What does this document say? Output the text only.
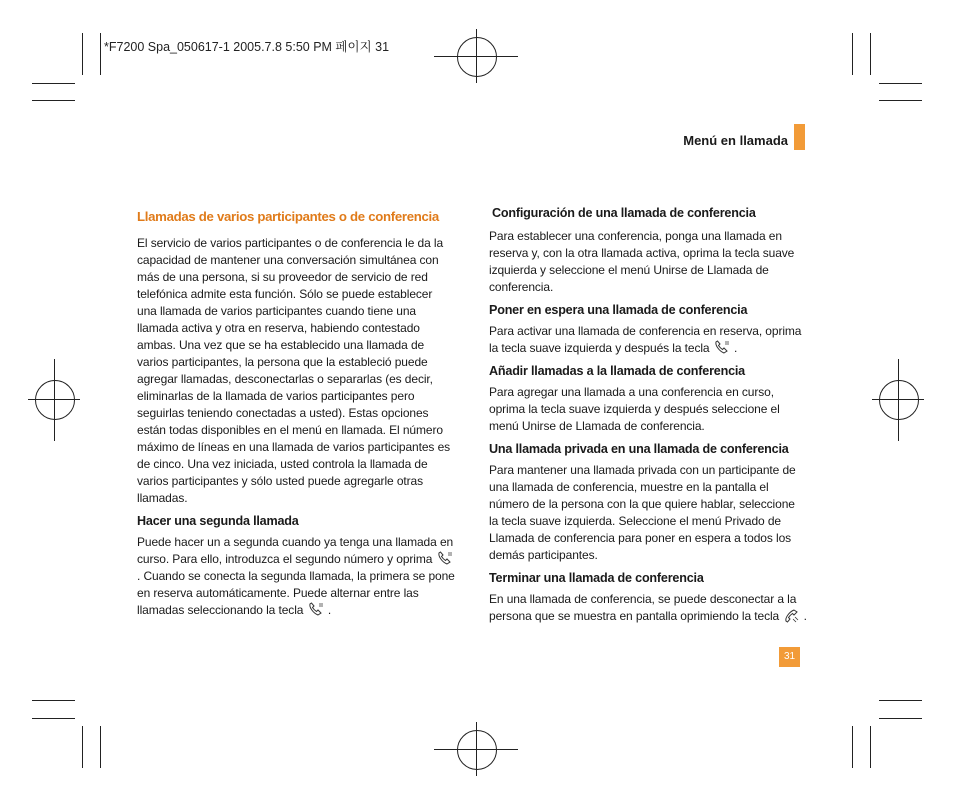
*F7200 Spa_050617-1 2005.7.8 5:50 PM 페이지 31
Menú en llamada
Llamadas de varios participantes o de conferencia
El servicio de varios participantes o de conferencia le da la capacidad de mantener una conversación simultánea con más de una persona, si su proveedor de servicio de red telefónica admite esta función. Sólo se puede establecer una llamada de varios participantes cuando tiene una llamada activa y otra en reserva, habiendo contestado ambas. Una vez que se ha establecido una llamada de varios participantes, la persona que la estableció puede agregar llamadas, desconectarlas o separarlas (es decir, eliminarlas de la llamada de varios participantes pero seguirlas teniendo conectadas a usted). Estas opciones están todas disponibles en el menú en llamada. El número máximo de líneas en una llamada de varios participantes es de cinco. Una vez iniciada, usted controla la llamada de varios participantes y sólo usted puede agregarle otras llamadas.
Hacer una segunda llamada
Puede hacer un a segunda cuando ya tenga una llamada en curso. Para ello, introduzca el segundo número y oprima  . Cuando se conecta la segunda llamada, la primera se pone en reserva automáticamente. Puede alternar entre las llamadas seleccionando la tecla .
Configuración de una llamada de conferencia
Para establecer una conferencia, ponga una llamada en reserva y, con la otra llamada activa, oprima la tecla suave izquierda y seleccione el menú Unirse de Llamada de conferencia.
Poner en espera una llamada de conferencia
Para activar una llamada de conferencia en reserva, oprima la tecla suave izquierda y después la tecla .
Añadir llamadas a la llamada de conferencia
Para agregar una llamada a una conferencia en curso, oprima la tecla suave izquierda y después seleccione el menú Unirse de Llamada de conferencia.
Una llamada privada en una llamada de conferencia
Para mantener una llamada privada con un participante de una llamada de conferencia, muestre en la pantalla el número de la persona con la que quiere hablar, seleccione la tecla suave izquierda. Seleccione el menú Privado de Llamada de conferencia para poner en espera a todos los demás participantes.
Terminar una llamada de conferencia
En una llamada de conferencia, se puede desconectar a la persona que se muestra en pantalla oprimiendo la tecla .
31
